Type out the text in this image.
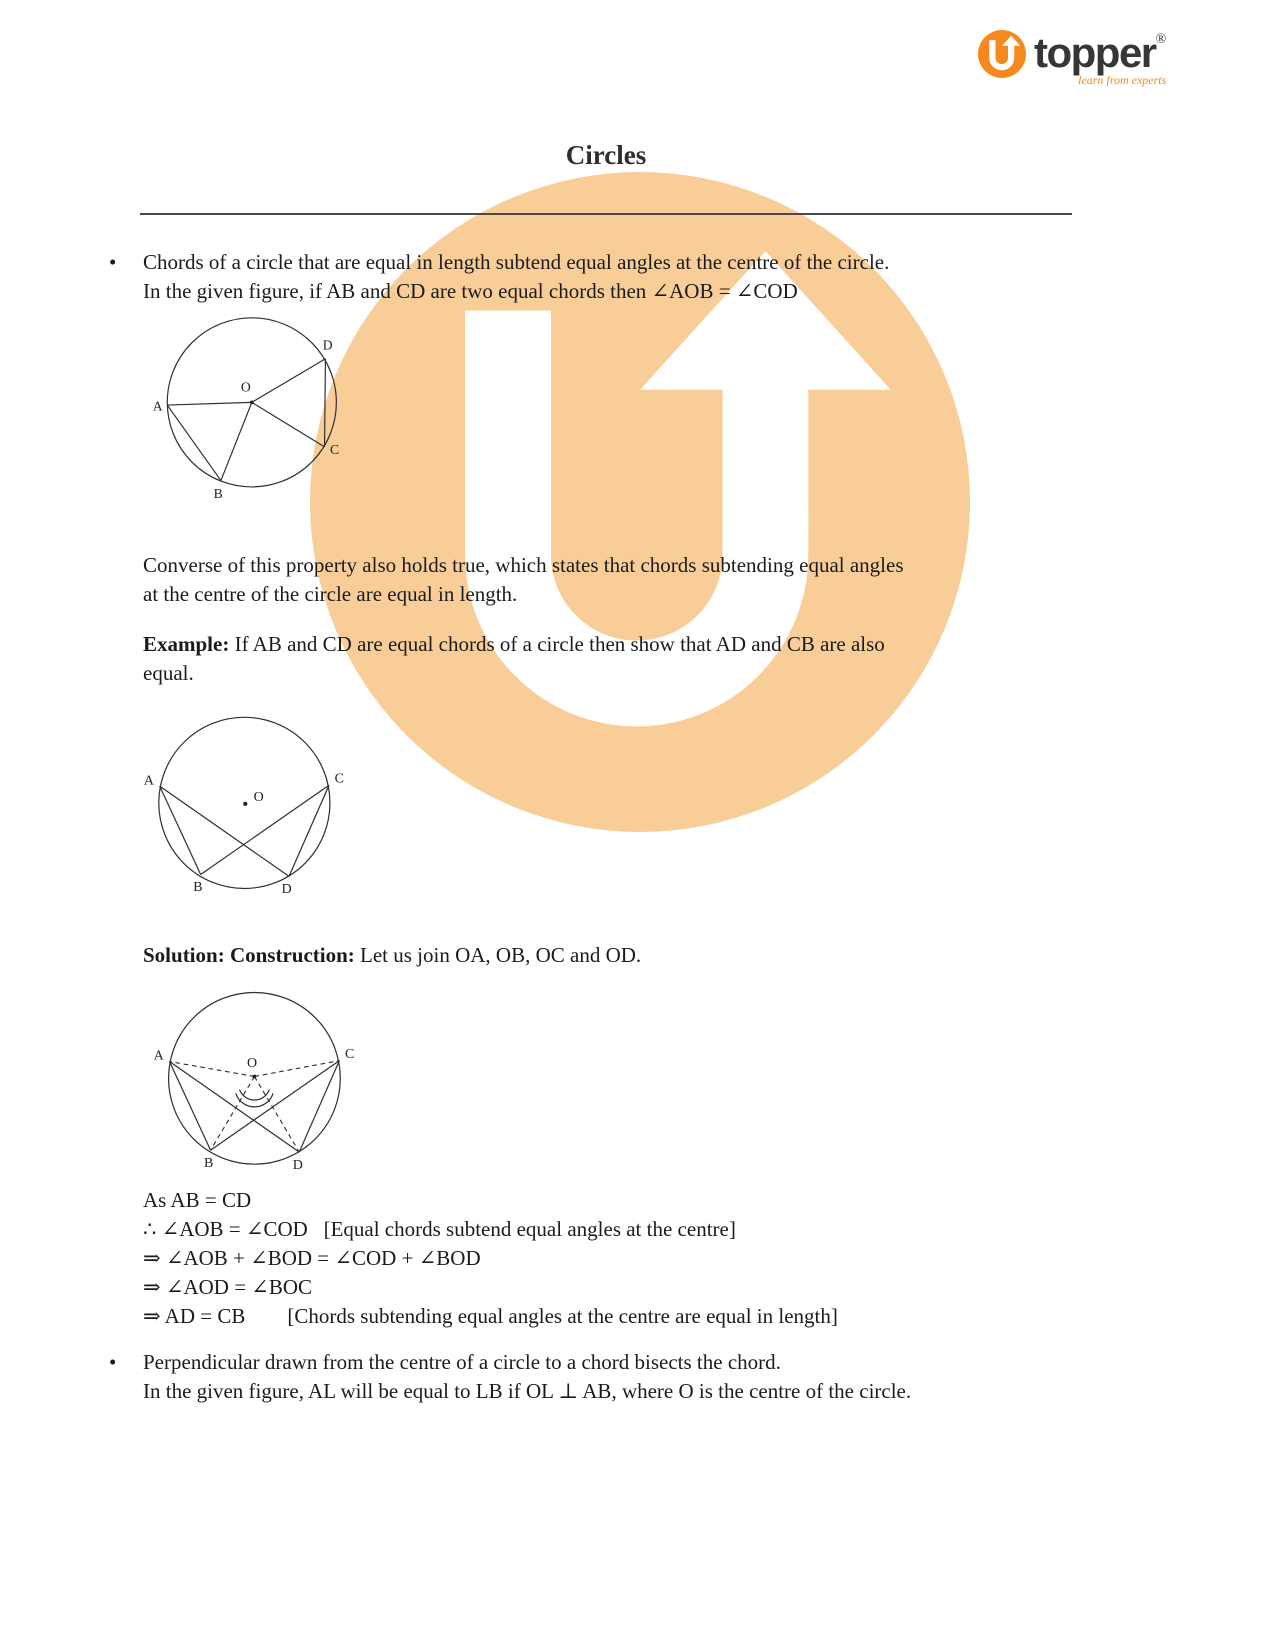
topper®
learn from experts
Circles
• Chords of a circle that are equal in length subtend equal angles at the centre of the circle.
In the given figure, if AB and CD are two equal chords then ∠AOB = ∠COD
A
B
C
D
O
Converse of this property also holds true, which states that chords subtending equal angles
at the centre of the circle are equal in length.
Example: If AB and CD are equal chords of a circle then show that AD and CB are also
equal.
A
B
C
D
O
Solution: Construction: Let us join OA, OB, OC and OD.
A
B
C
D
O
As AB = CD
∴ ∠AOB = ∠COD   [Equal chords subtend equal angles at the centre]
⇒ ∠AOB + ∠BOD = ∠COD + ∠BOD
⇒ ∠AOD = ∠BOC
⇒ AD = CB        [Chords subtending equal angles at the centre are equal in length]
• Perpendicular drawn from the centre of a circle to a chord bisects the chord.
In the given figure, AL will be equal to LB if OL ⊥ AB, where O is the centre of the circle.
